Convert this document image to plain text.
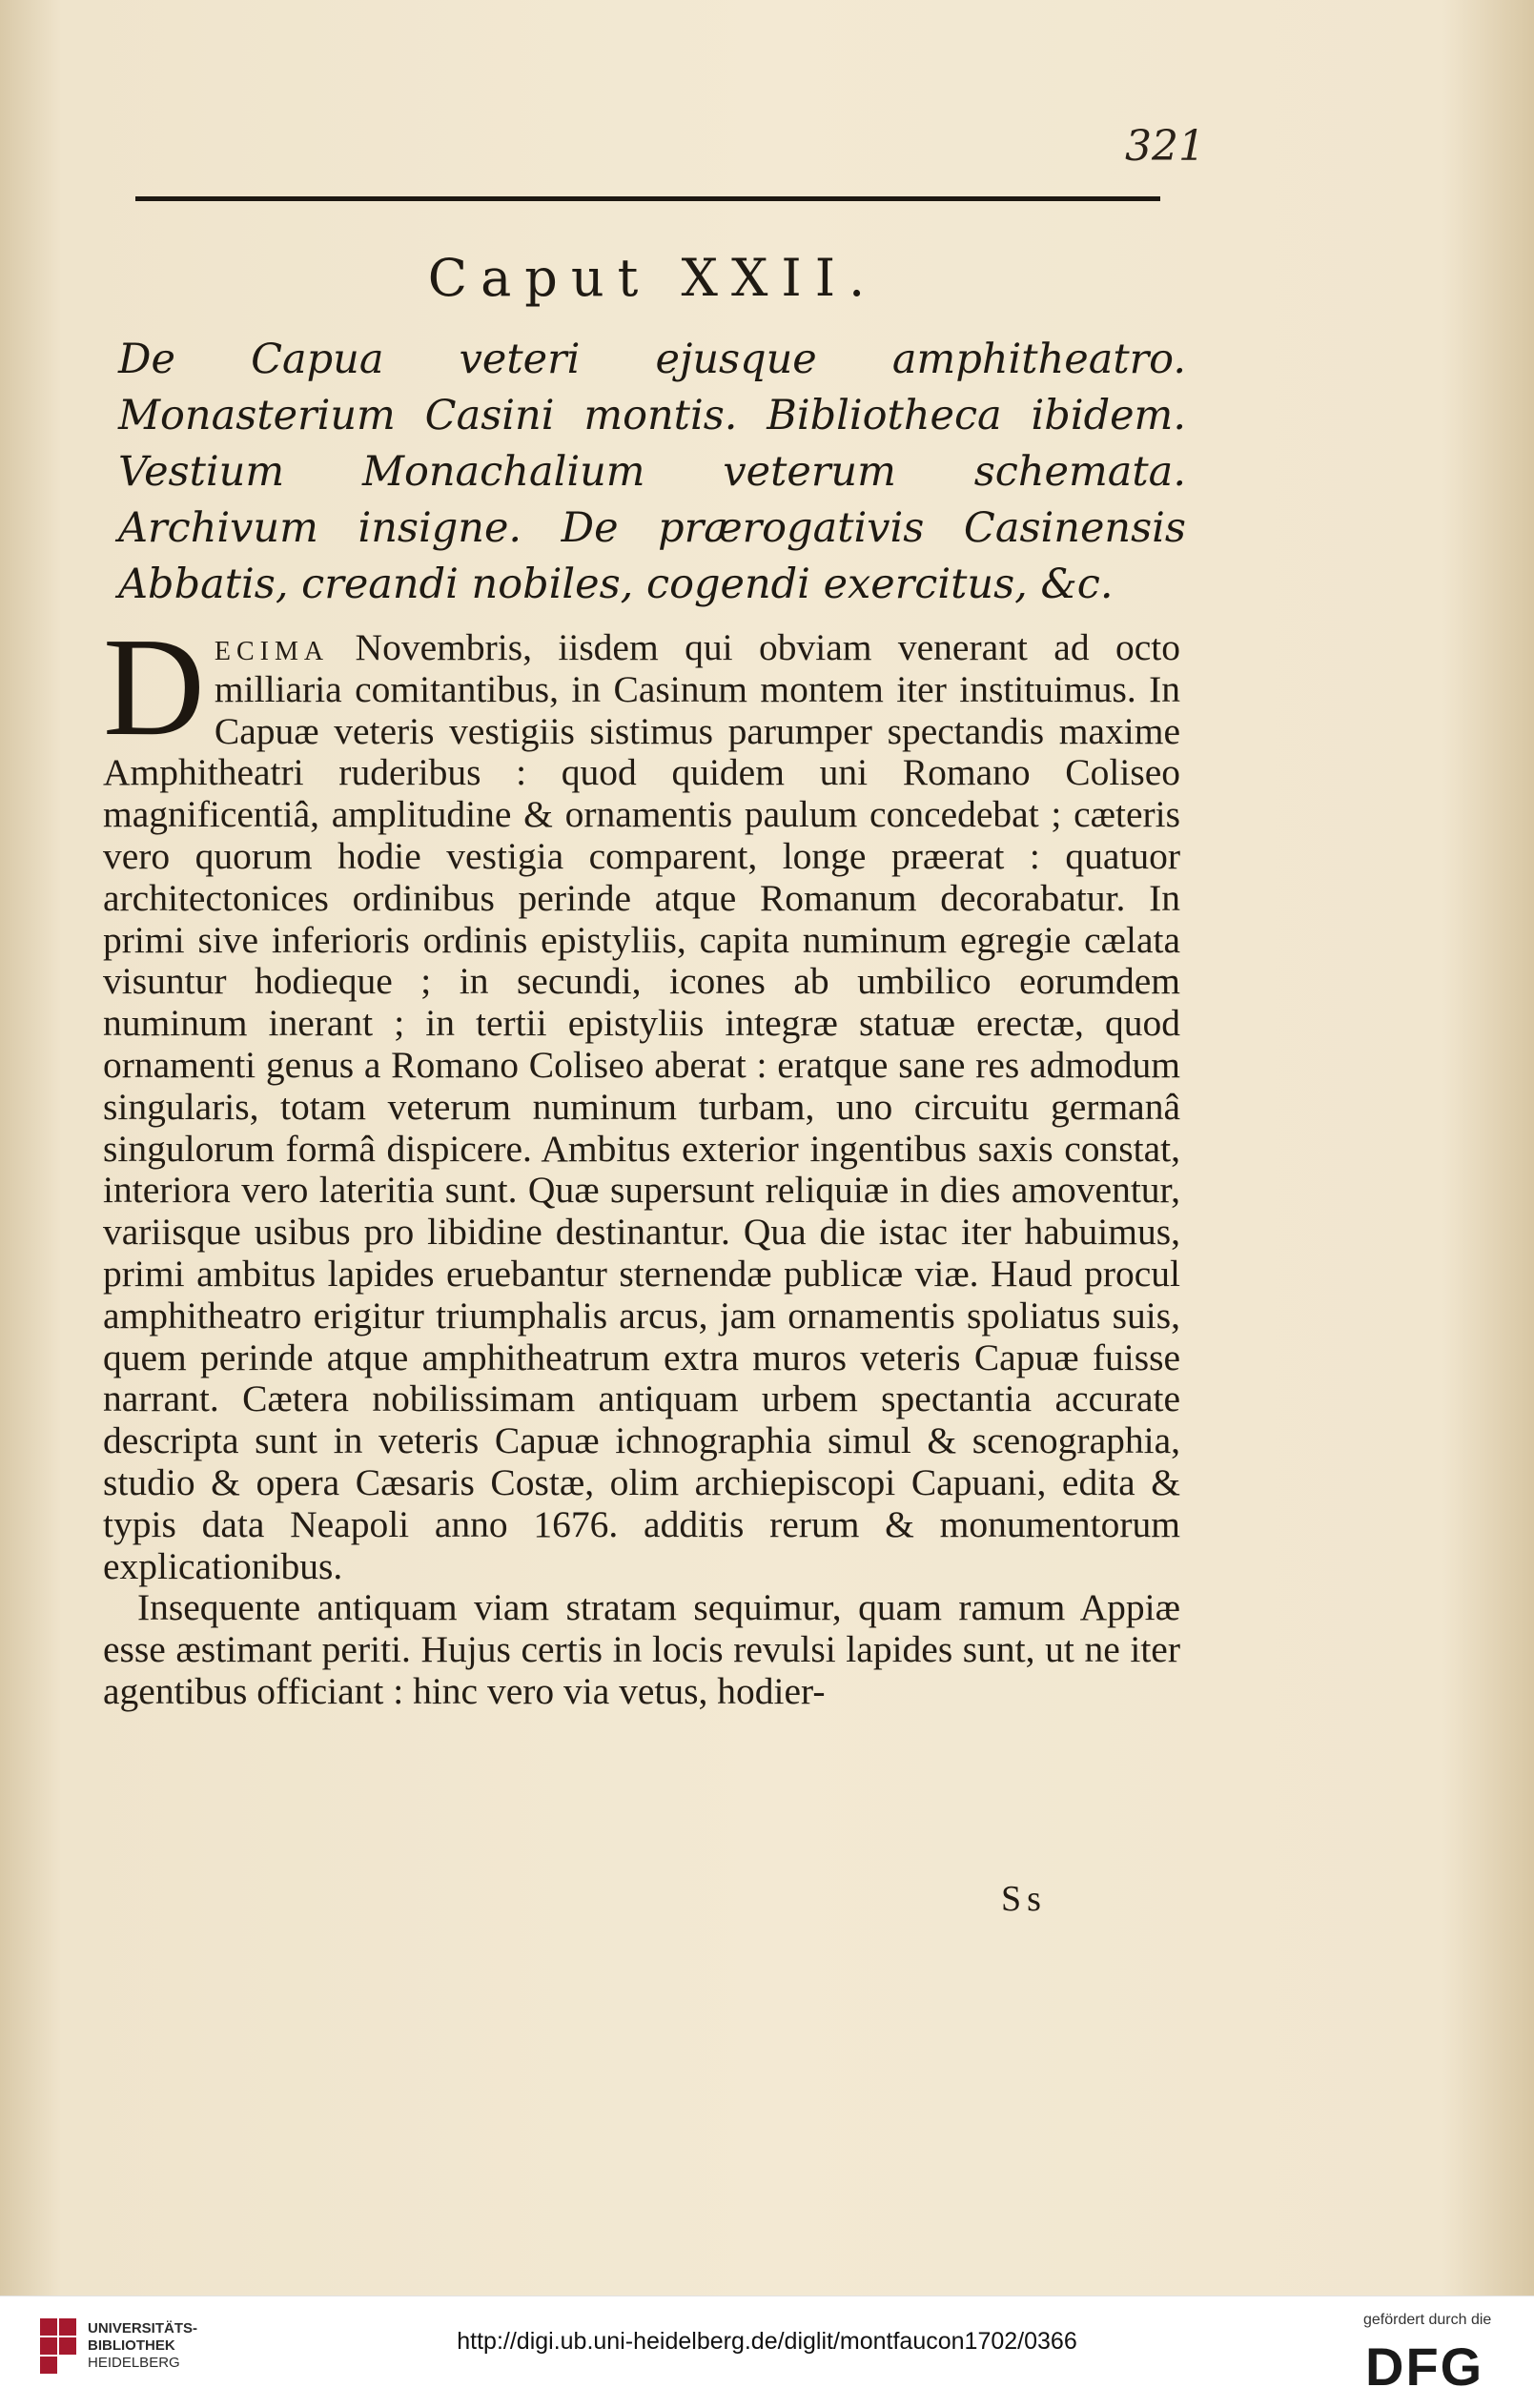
321
Caput XXII.
De Capua veteri ejusque amphitheatro. Monasterium Casini montis. Bibliotheca ibidem. Vestium Monachalium veterum schemata. Archivum insigne. De prærogativis Casinensis Abbatis, creandi nobiles, cogendi exercitus, &c.

Decima Novembris, iisdem qui obviam venerant ad octo milliaria comitantibus, in Casinum montem iter instituimus. In Capuæ veteris vestigiis sistimus parumper spectandis maxime Amphitheatri ruderibus : quod quidem uni Romano Coliseo magnificentiâ, amplitudine & ornamentis paulum concedebat ; cæteris vero quorum hodie vestigia comparent, longe præerat : quatuor architectonices ordinibus perinde atque Romanum decorabatur. In primi sive inferioris ordinis epistyliis, capita numinum egregie cælata visuntur hodieque ; in secundi, icones ab umbilico eorumdem numinum inerant ; in tertii epistyliis integræ statuæ erectæ, quod ornamenti genus a Romano Coliseo aberat : eratque sane res admodum singularis, totam veterum numinum turbam, uno circuitu germanâ singulorum formâ dispicere. Ambitus exterior ingentibus saxis constat, interiora vero lateritia sunt. Quæ supersunt reliquiæ in dies amoventur, variisque usibus pro libidine destinantur. Qua die istac iter habuimus, primi ambitus lapides eruebantur sternendæ publicæ viæ. Haud procul amphitheatro erigitur triumphalis arcus, jam ornamentis spoliatus suis, quem perinde atque amphitheatrum extra muros veteris Capuæ fuisse narrant. Cætera nobilissimam antiquam urbem spectantia accurate descripta sunt in veteris Capuæ ichnographia simul & scenographia, studio & opera Cæsaris Costæ, olim archiepiscopi Capuani, edita & typis data Neapoli anno 1676. additis rerum & monumentorum explicationibus.

Insequente antiquam viam stratam sequimur, quam ramum Appiæ esse æstimant periti. Hujus certis in locis revulsi lapides sunt, ut ne iter agentibus officiant : hinc vero via vetus, hodier-

Ss
UNIVERSITÄTS-
BIBLIOTHEK
HEIDELBERG
http://digi.ub.uni-heidelberg.de/diglit/montfaucon1702/0366
gefördert durch die
DFG
